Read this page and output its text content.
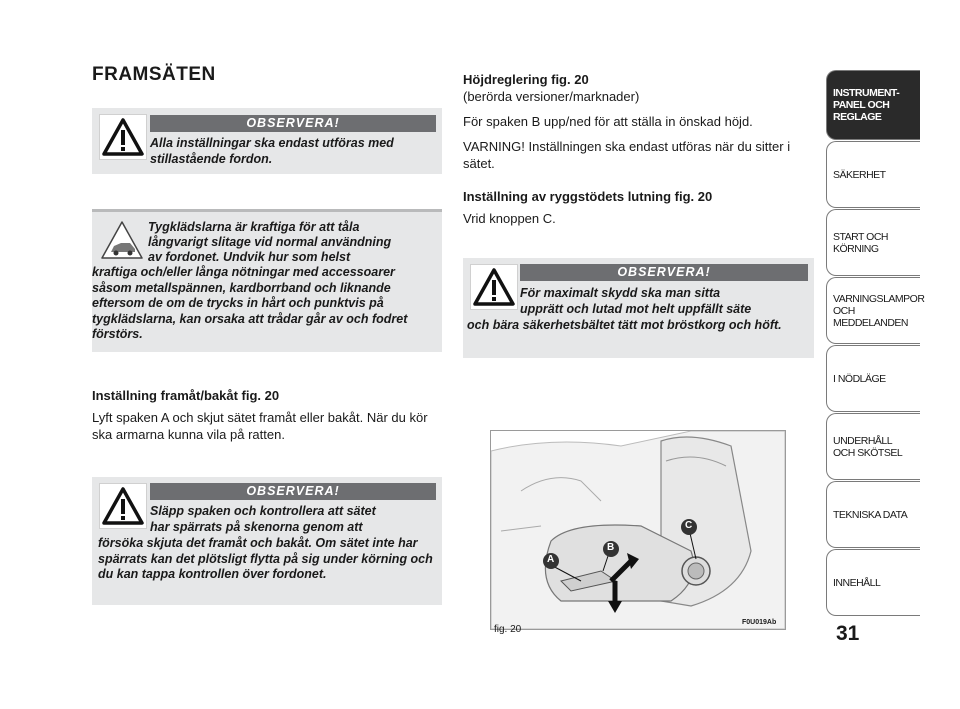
FRAMSÄTEN
OBSERVERA!
Alla inställningar ska endast utföras med stillastående fordon.
Tygklädslarna är kraftiga för att tåla
långvarigt slitage vid normal användning
av fordonet. Undvik hur som helst
kraftiga och/eller långa nötningar med accessoarer såsom metallspännen, kardborrband och liknande eftersom de om de trycks in hårt och punktvis på tygklädslarna, kan orsaka att trådar går av och fodret förstörs.
Inställning framåt/bakåt fig. 20
Lyft spaken A och skjut sätet framåt eller bakåt. När du kör ska armarna kunna vila på ratten.
OBSERVERA!
Släpp spaken och kontrollera att sätet
har spärrats på skenorna genom att
försöka skjuta det framåt och bakåt. Om sätet inte har spärrats kan det plötsligt flytta på sig under körning och du kan tappa kontrollen över fordonet.
Höjdreglering fig. 20
(berörda versioner/marknader)
För spaken B upp/ned för att ställa in önskad höjd.
VARNING! Inställningen ska endast utföras när du sitter i sätet.
Inställning av ryggstödets lutning fig. 20
Vrid knoppen C.
OBSERVERA!
För maximalt skydd ska man sitta
upprätt och lutad mot helt uppfällt säte
och bära säkerhetsbältet tätt mot bröstkorg och höft.
A
B
C
fig. 20
F0U019Ab
INSTRUMENT-
PANEL OCH
REGLAGE
SÄKERHET
START OCH
KÖRNING
VARNINGSLAMPOR
OCH
MEDDELANDEN
I NÖDLÄGE
UNDERHÅLL
OCH SKÖTSEL
TEKNISKA DATA
INNEHÅLL
31
